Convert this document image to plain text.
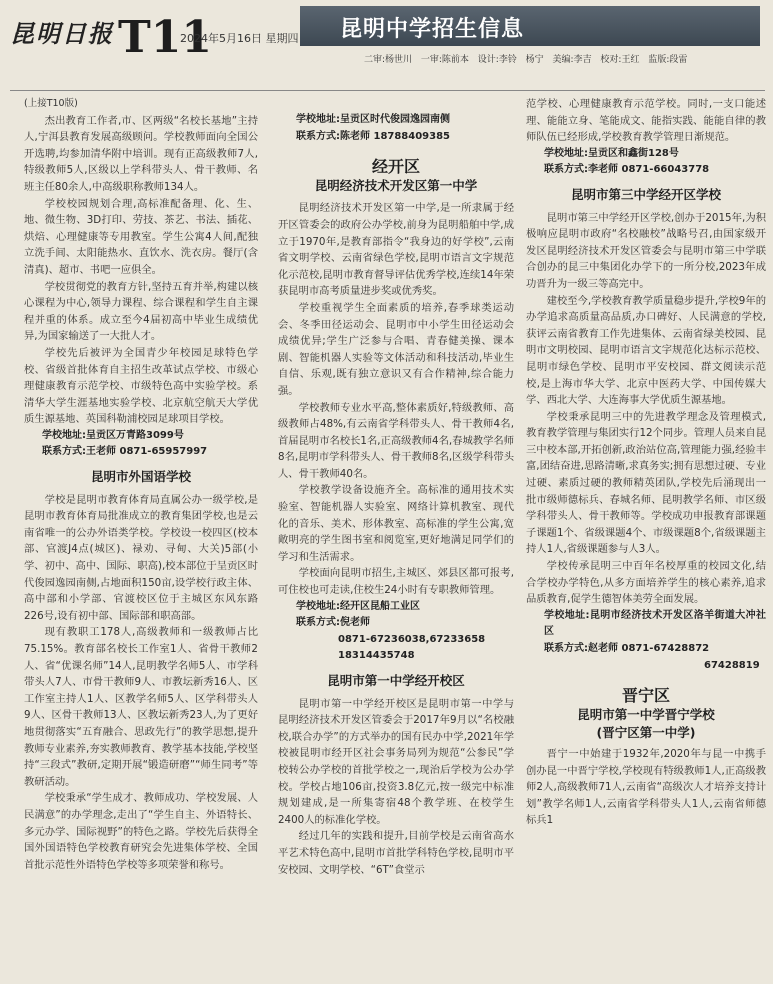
昆明日报 T11
2024年5月16日 星期四 昆明中学招生信息
二审:杨世川 一审:陈前本 设计:李铃 杨宁 美编:李吉 校对:王红 监版:段雷

(上接T10版)

杰出教育工作者,市、区两级“名校长基地”主持人,宁洱县教育发展高级顾问。学校教师面向全国公开选聘,均参加清华附中培训。现有正高级教师7人,特级教师5人,区级以上学科带头人、骨干教师、名班主任80余人,中高级职称教师134人。

学校校园规划合理,高标准配备理、化、生、地、微生物、3D打印、劳技、茶艺、书法、插花、烘焙、心理健康等专用教室。学生公寓4人间,配独立洗手间、太阳能热水、直饮水、洗衣房。餐厅(含清真)、超市、书吧一应俱全。

学校贯彻党的教育方针,坚持五育并举,构建以核心课程为中心,领导力课程、综合课程和学生自主课程并重的体系。成立至今4届初高中毕业生成绩优异,为国家输送了一大批人才。

学校先后被评为全国青少年校园足球特色学校、省级首批体育自主招生改革试点学校、市级心理健康教育示范学校、市级特色高中实验学校。系清华大学生涯基地实验学校、北京航空航天大学优质生源基地、英国科勒浦校园足球项目学校。

学校地址:呈贡区万青路3099号

联系方式:王老师 0871-65957997

昆明市外国语学校

学校是昆明市教育体育局直属公办一级学校,是昆明市教育体育局批准成立的教育集团学校,也是云南省唯一的公办外语类学校。学校设一校四区(校本部、官渡J4点(城区)、禄劝、寻甸、大关)5部(小学、初中、高中、国际、职高),校本部位于呈贡区时代俊园逸园南侧,占地面积150亩,设学校行政主体、高中部和小学部、官渡校区位于主城区东风东路226号,设有初中部、国际部和职高部。

现有教职工178人,高级教师和一级教师占比75.15%。教育部名校长工作室1人、省骨干教师2人、省“优课名师”14人,昆明教学名师5人、市学科带头人7人、市骨干教师9人、市教坛新秀16人、区工作室主持人1人、区教学名师5人、区学科带头人9人、区骨干教师13人、区教坛新秀23人,为了更好地贯彻落实“五育融合、思政先行”的教学思想,提升教师专业素养,夯实教师教育、教学基本技能,学校坚持“三段式”教研,定期开展“锻造研磨”“师生同考”等教研活动。

学校秉承“学生成才、教师成功、学校发展、人民满意”的办学理念,走出了“学生自主、外语特长、多元办学、国际视野”的特色之路。学校先后获得全国外国语特色学校教育研究会先进集体学校、全国首批示范性外语特色学校等多项荣誉和称号。

学校地址:呈贡区时代俊园逸园南侧

联系方式:陈老师 18788409385

经开区
昆明经济技术开发区第一中学

昆明经济技术开发区第一中学,是一所隶属于经开区管委会的政府公办学校,前身为昆明船舶中学,成立于1970年,是教育部指令“我身边的好学校”,云南省文明学校、云南省绿色学校,昆明市语言文字规范化示范校,昆明市教育督导评估优秀学校,连续14年荣获昆明市高考质量进步奖或优秀奖。

学校重视学生全面素质的培养,春季球类运动会、冬季田径运动会、昆明市中小学生田径运动会成绩优异;学生广泛参与合唱、青春健美操、课本剧、智能机器人实验等文体活动和科技活动,毕业生自信、乐观,既有独立意识又有合作精神,综合能力强。

学校教师专业水平高,整体素质好,特级教师、高级教师占48%,有云南省学科带头人、骨干教师4名,首届昆明市名校长1名,正高级教师4名,春城教学名师8名,昆明市学科带头人、骨干教师8名,区级学科带头人、骨干教师40名。

学校教学设备设施齐全。高标准的通用技术实验室、智能机器人实验室、网络计算机教室、现代化的音乐、美术、形体教室、高标准的学生公寓,宽敞明亮的学生图书室和阅览室,更好地满足同学们的学习和生活需求。

学校面向昆明市招生,主城区、郊县区都可报考,可住校也可走读,住校生24小时有专职教师管理。

学校地址:经开区昆船工业区

联系方式:倪老师

0871-67236038,67233658

18314435748

昆明市第一中学经开校区

昆明市第一中学经开校区是昆明市第一中学与昆明经济技术开发区管委会于2017年9月以“名校融校,联合办学”的方式举办的国有民办中学,2021年学校被昆明市经开区社会事务局列为规范“公参民”学校转公办学校的首批学校之一,现治后学校为公办学校。学校占地106亩,投资3.8亿元,按一级完中标准规划建成,是一所集寄宿48个教学班、在校学生2400人的标准化学校。

经过几年的实践和提升,目前学校是云南省高水平艺术特色高中,昆明市首批学科特色学校,昆明市平安校园、文明学校、“6T”食堂示

范学校、心理健康教育示范学校。同时,一支口能述理、能能立身、笔能成文、能指实践、能能自律的教师队伍已经形成,学校教育教学管理日渐规范。

学校地址:呈贡区和鑫街128号

联系方式:李老师 0871-66043778

昆明市第三中学经开区学校

昆明市第三中学经开区学校,创办于2015年,为积极响应昆明市政府“名校融校”战略号召,由国家级开发区昆明经济技术开发区管委会与昆明市第三中学联合创办的昆三中集团化办学下的一所分校,2023年成功晋升为一级三等高完中。

建校至今,学校教育教学质量稳步提升,学校9年的办学追求高质量高品质,办口碑好、人民满意的学校,获评云南省教育工作先进集体、云南省绿美校园、昆明市文明校园、昆明市语言文字规范化达标示范校、昆明市绿色学校、昆明市平安校园、群文阅读示范校,是上海市华大学、北京中医药大学、中国传媒大学、西北大学、大连海事大学优质生源基地。

学校秉承昆明三中的先进教学理念及管理模式,教育教学管理与集团实行12个同步。管理人员来自昆三中校本部,开拓创新,政治站位高,管理能力强,经验丰富,团结奋进,思路清晰,求真务实;拥有思想过硬、专业过硬、素质过硬的教师精英团队,学校先后涌现出一批市级师德标兵、春城名师、昆明教学名师、市区级学科带头人、骨干教师等。学校成功申报教育部课题子课题1个、省级课题4个、市级课题8个,省级课题主持人1人,省级课题参与人3人。

学校传承昆明三中百年名校厚重的校园文化,结合学校办学特色,从多方面培养学生的核心素养,追求品质教育,促学生德智体美劳全面发展。

学校地址:昆明市经济技术开发区洛羊街道大冲社区

联系方式:赵老师 0871-67428872

67428819

晋宁区
昆明市第一中学晋宁学校
(晋宁区第一中学)

晋宁一中始建于1932年,2020年与昆一中携手创办昆一中晋宁学校,学校现有特级教师1人,正高级教师2人,高级教师71人,云南省“高级次人才培养支持计划”教学名师1人,云南省学科带头人1人,云南省师德标兵1
